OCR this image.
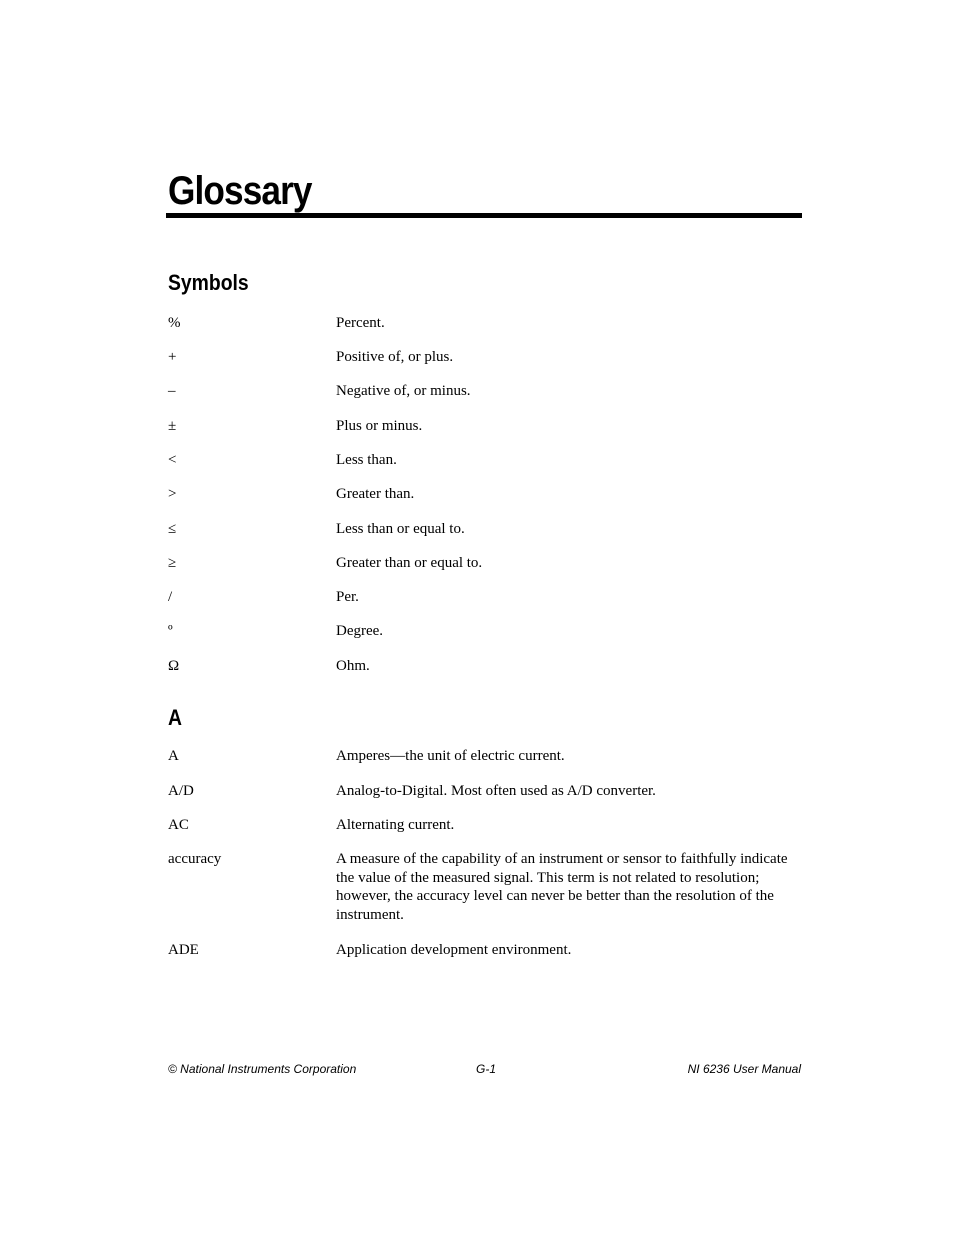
Glossary
Symbols
%	Percent.
+	Positive of, or plus.
–	Negative of, or minus.
±	Plus or minus.
<	Less than.
>	Greater than.
≤	Less than or equal to.
≥	Greater than or equal to.
/	Per.
º	Degree.
Ω	Ohm.
A
A	Amperes—the unit of electric current.
A/D	Analog-to-Digital. Most often used as A/D converter.
AC	Alternating current.
accuracy	A measure of the capability of an instrument or sensor to faithfully indicate the value of the measured signal. This term is not related to resolution; however, the accuracy level can never be better than the resolution of the instrument.
ADE	Application development environment.
© National Instruments Corporation	G-1	NI 6236 User Manual
